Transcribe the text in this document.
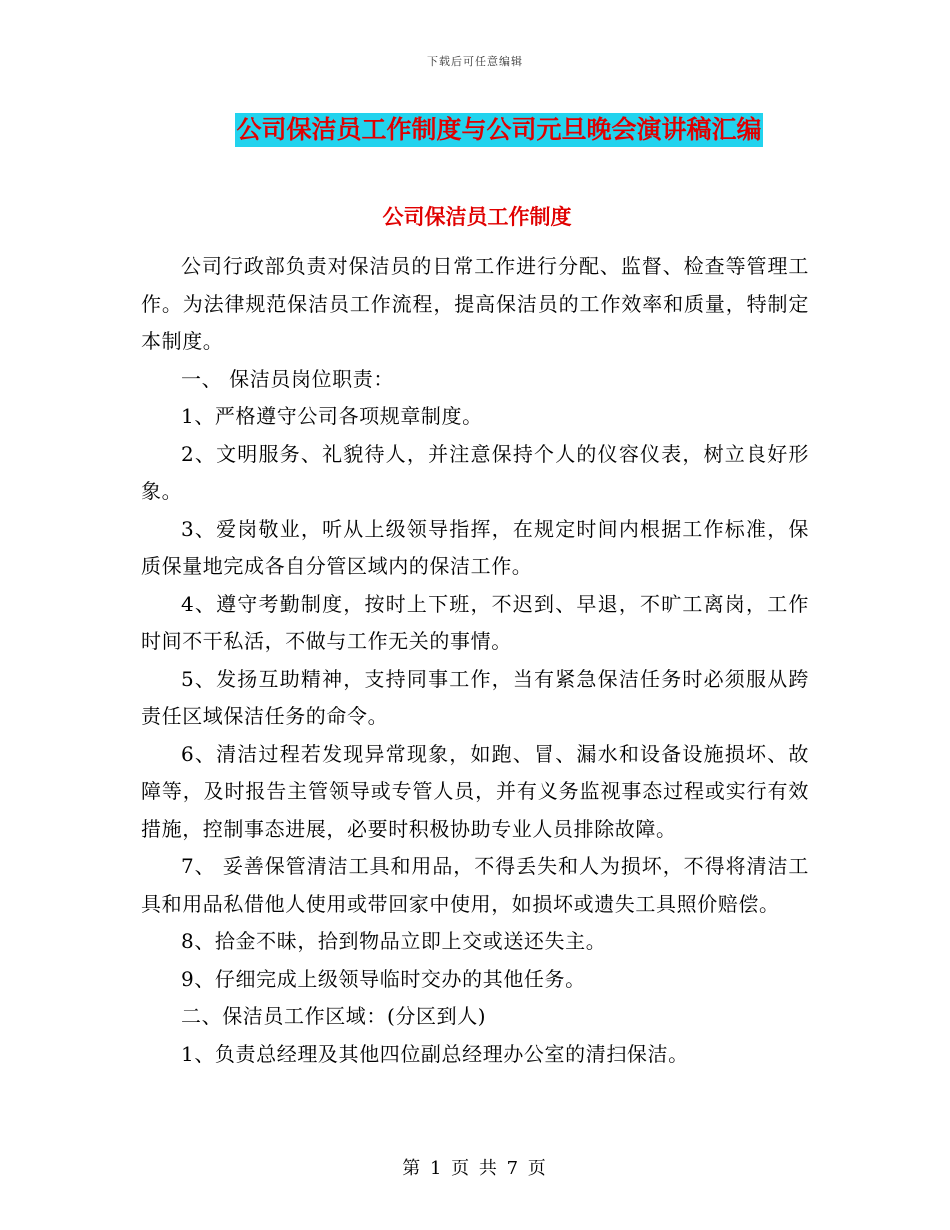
下载后可任意编辑
公司保洁员工作制度与公司元旦晚会演讲稿汇编
公司保洁员工作制度

公司行政部负责对保洁员的日常工作进行分配、监督、检查等管理工作。为法律规范保洁员工作流程，提高保洁员的工作效率和质量，特制定本制度。

一、 保洁员岗位职责：

1、严格遵守公司各项规章制度。

2、文明服务、礼貌待人，并注意保持个人的仪容仪表，树立良好形象。

3、爱岗敬业，听从上级领导指挥，在规定时间内根据工作标准，保质保量地完成各自分管区域内的保洁工作。

4、遵守考勤制度，按时上下班，不迟到、早退，不旷工离岗，工作时间不干私活，不做与工作无关的事情。

5、发扬互助精神，支持同事工作，当有紧急保洁任务时必须服从跨责任区域保洁任务的命令。

6、清洁过程若发现异常现象，如跑、冒、漏水和设备设施损坏、故障等，及时报告主管领导或专管人员，并有义务监视事态过程或实行有效措施，控制事态进展，必要时积极协助专业人员排除故障。

7、 妥善保管清洁工具和用品，不得丢失和人为损坏，不得将清洁工具和用品私借他人使用或带回家中使用，如损坏或遗失工具照价赔偿。

8、拾金不昧，拾到物品立即上交或送还失主。

9、仔细完成上级领导临时交办的其他任务。

二、保洁员工作区域：(分区到人)

1、负责总经理及其他四位副总经理办公室的清扫保洁。

第 1 页 共 7 页
